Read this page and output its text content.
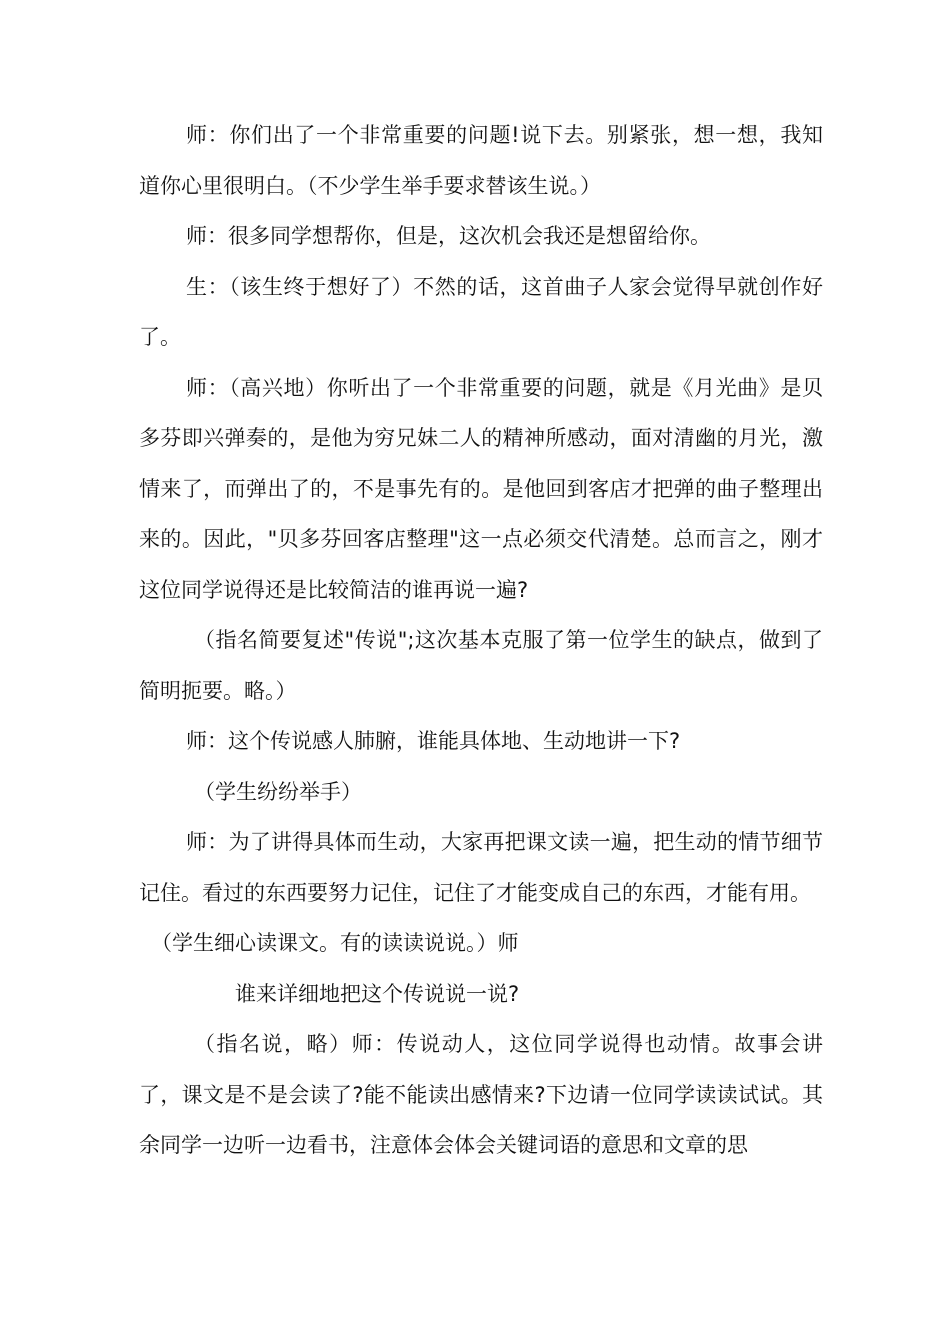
师：你们出了一个非常重要的问题!说下去。别紧张，想一想，我知道你心里很明白。（不少学生举手要求替该生说。）

师：很多同学想帮你，但是，这次机会我还是想留给你。

生：（该生终于想好了）不然的话，这首曲子人家会觉得早就创作好了。

师：（高兴地）你听出了一个非常重要的问题，就是《月光曲》是贝多芬即兴弹奏的，是他为穷兄妹二人的精神所感动，面对清幽的月光，激情来了，而弹出了的，不是事先有的。是他回到客店才把弹的曲子整理出来的。因此，"贝多芬回客店整理"这一点必须交代清楚。总而言之，刚才这位同学说得还是比较简洁的谁再说一遍?

（指名简要复述"传说";这次基本克服了第一位学生的缺点，做到了简明扼要。略。）

师：这个传说感人肺腑，谁能具体地、生动地讲一下?

（学生纷纷举手）

师：为了讲得具体而生动，大家再把课文读一遍，把生动的情节细节记住。看过的东西要努力记住，记住了才能变成自己的东西，才能有用。

（学生细心读课文。有的读读说说。）师

谁来详细地把这个传说说一说?

（指名说，略）师：传说动人，这位同学说得也动情。故事会讲了，课文是不是会读了?能不能读出感情来?下边请一位同学读读试试。其余同学一边听一边看书，注意体会体会关键词语的意思和文章的思
